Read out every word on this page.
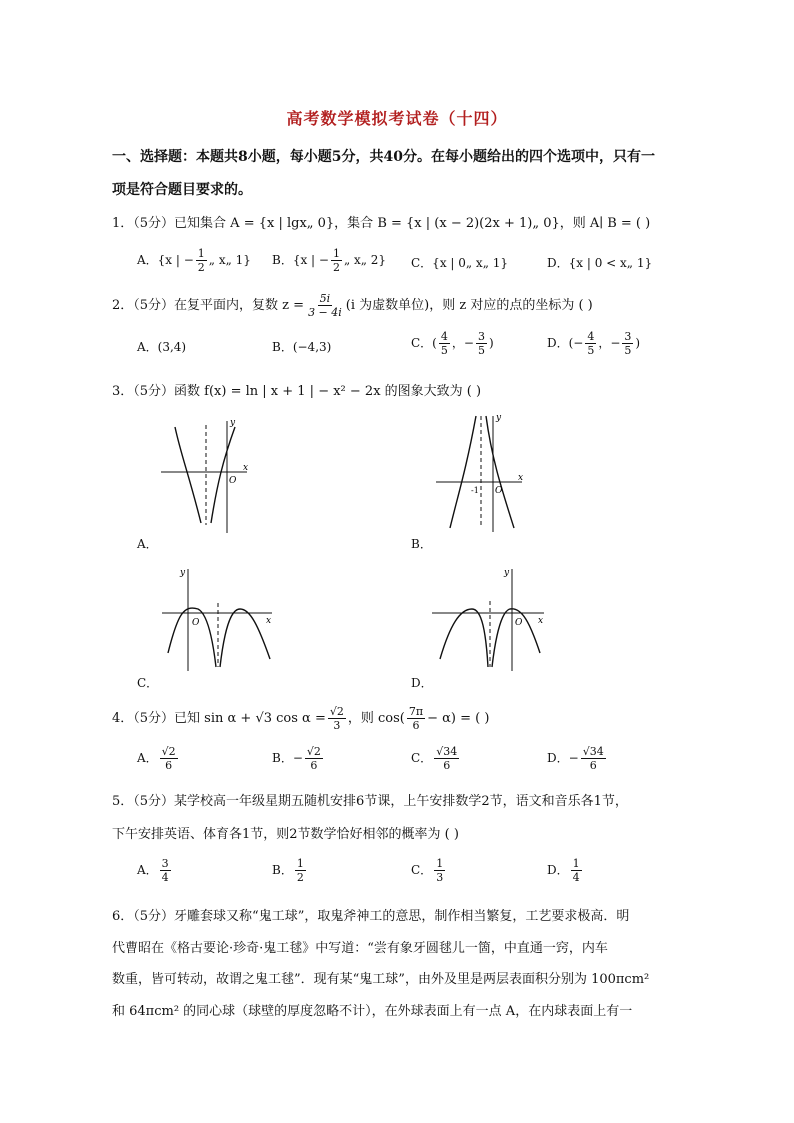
高考数学模拟考试卷（十四）
一、选择题：本题共8小题，每小题5分，共40分。在每小题给出的四个选项中，只有一
项是符合题目要求的。
1．（5分）已知集合 A = {x | lgx„ 0}，集合 B = {x | (x − 2)(2x + 1)„ 0}，则 A∣ B = ( )
A．{x | − $\frac{1}{2}$ „ x„ 1} B．{x | − $\frac{1}{2}$ „ x„ 2} C．{x | 0„ x„ 1}	D．{x | 0 < x„ 1}
2．（5分）在复平面内，复数 $z = \frac{5i}{3 - 4i} (i$ 为虚数单位)，则 z 对应的点的坐标为 ( )
A．(3,4)	B．(−4,3)	C．( $\frac{4}{5}$ ，− $\frac{3}{5}$ )	D．(− $\frac{4}{5}$ ，− $\frac{3}{5}$ )
3．（5分）函数 f(x) = ln | x + 1 | − x² − 2x 的图象大致为 ( )
x
y
O
A．
x
y
O
-1
B．
x
y
O
C．
x
y
O
D．
4．（5分）已知 sin α + √3 $\cos \alpha = \frac{√2}{3}$ ，则 $\cos( \frac{7\pi}{6} - \alpha)$ = ( )
A． $\frac{√2}{6}$	B．− $\frac{√2}{6}$	C． $\frac{√34}{6}$	D．− $\frac{√34}{6}$
5．（5分）某学校高一年级星期五随机安排6节课，上午安排数学2节，语文和音乐各1节，
下午安排英语、体育各1节，则2节数学恰好相邻的概率为 ( )
A． $\frac{3}{4}$	B． $\frac{1}{2}$	C． $\frac{1}{3}$	D． $\frac{1}{4}$
6．（5分）牙雕套球又称“鬼工球”，取鬼斧神工的意思，制作相当繁复，工艺要求极高．明
代曹昭在《格古要论·珍奇·鬼工毬》中写道：“尝有象牙圆毬儿一箇，中直通一窍，内车
数重，皆可转动，故谓之鬼工毬”．现有某“鬼工球”，由外及里是两层表面积分别为 100πcm²
和 64πcm² 的同心球（球壁的厚度忽略不计），在外球表面上有一点 A，在内球表面上有一
